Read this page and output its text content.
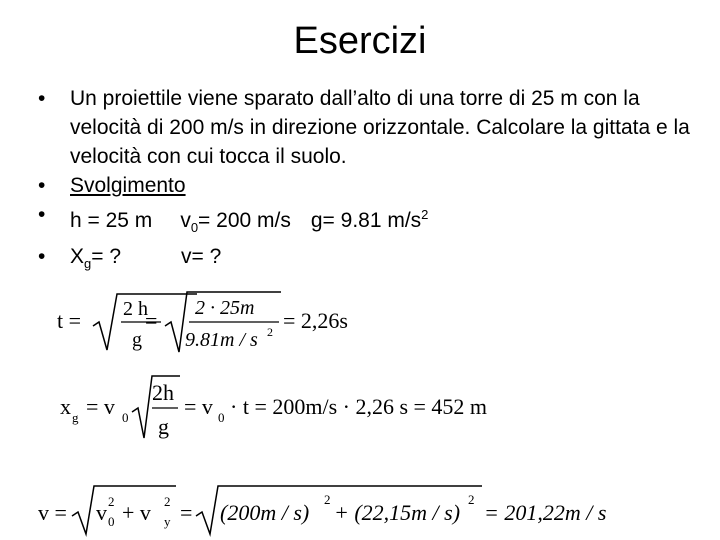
Esercizi
• Un proiettile viene sparato dall’alto di una torre di 25 m con la velocità di 200 m/s in direzione orizzontale. Calcolare la gittata e la velocità con cui tocca il suolo.
• Svolgimento
• h = 25 m $v_0= 200$ m/s g= 9.81 $m/s^2$
• $X_g=$ ?	v= ?
t = 2 h
g
= 2 · 25m
9.81m / s 2 = 2,26s
x g = v 0
2h
g
= v 0 · t = 200m/s · 2,26 s = 452 m
v = v 2
0 + v 2
y = (200m / s)
2
+ (22,15m / s)
2
= 201,22m / s
